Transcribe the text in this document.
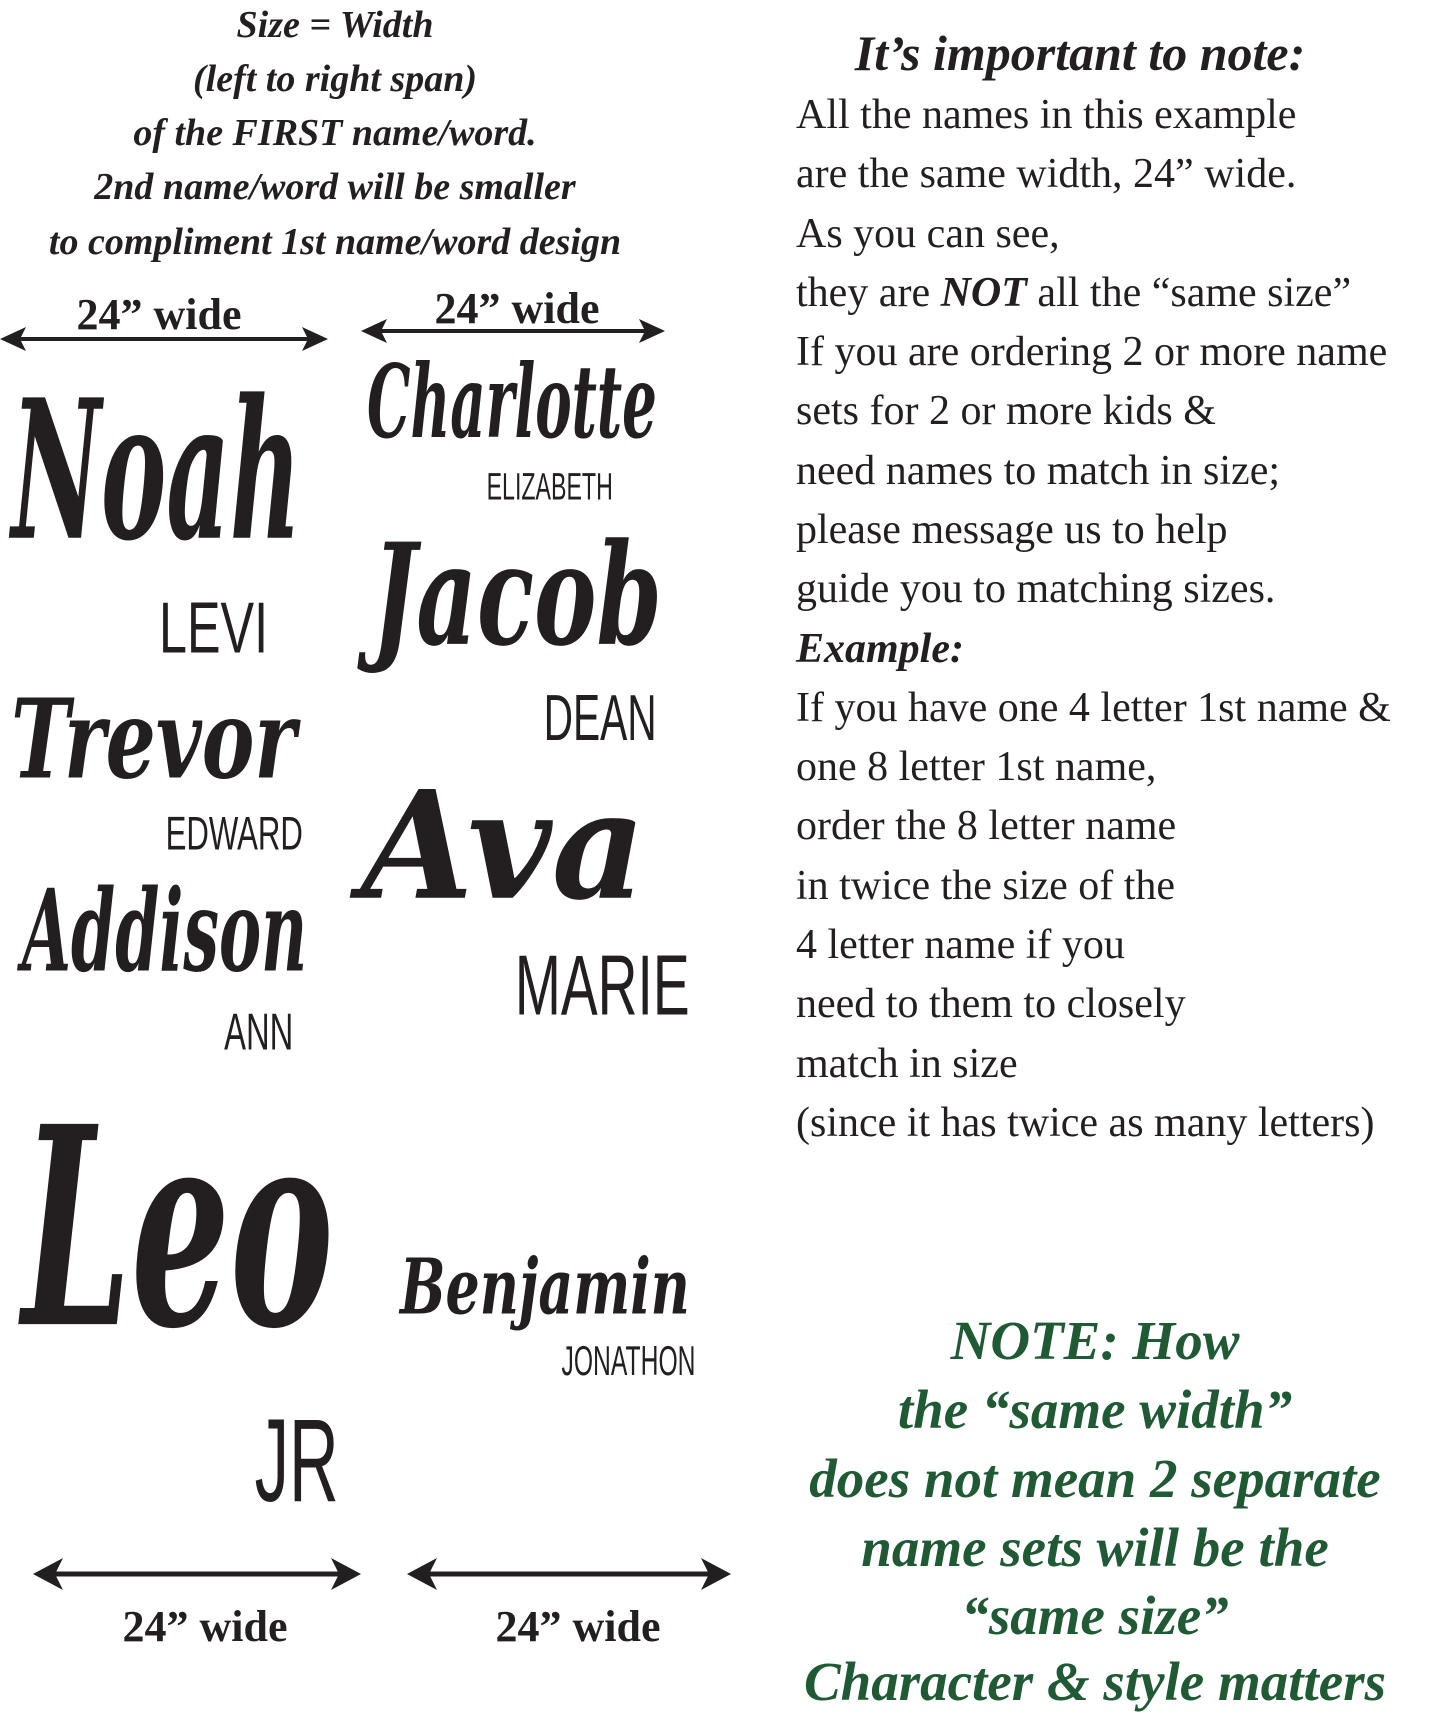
Size = Width
(left to right span)
of the FIRST name/word.
2nd name/word will be smaller
to compliment 1st name/word design
24” wide	24” wide
24” wide	24” wide
Noah
LEVI
Trevor
EDWARD
Addison
ANN
Leo
JR
Charlotte
ELIZABETH
Jacob
DEAN
Ava
MARIE
Benjamin
JONATHON
It’s important to note:
All the names in this example
are the same width, 24” wide.
As you can see,
they are NOT all the “same size”
If you are ordering 2 or more name
sets for 2 or more kids &
need names to match in size;
please message us to help
guide you to matching sizes.
Example:
If you have one 4 letter 1st name &
one 8 letter 1st name,
order the 8 letter name
in twice the size of the
4 letter name if you
need to them to closely
match in size
(since it has twice as many letters)
NOTE: How
the “same width”
does not mean 2 separate
name sets will be the
“same size”
Character & style matters
